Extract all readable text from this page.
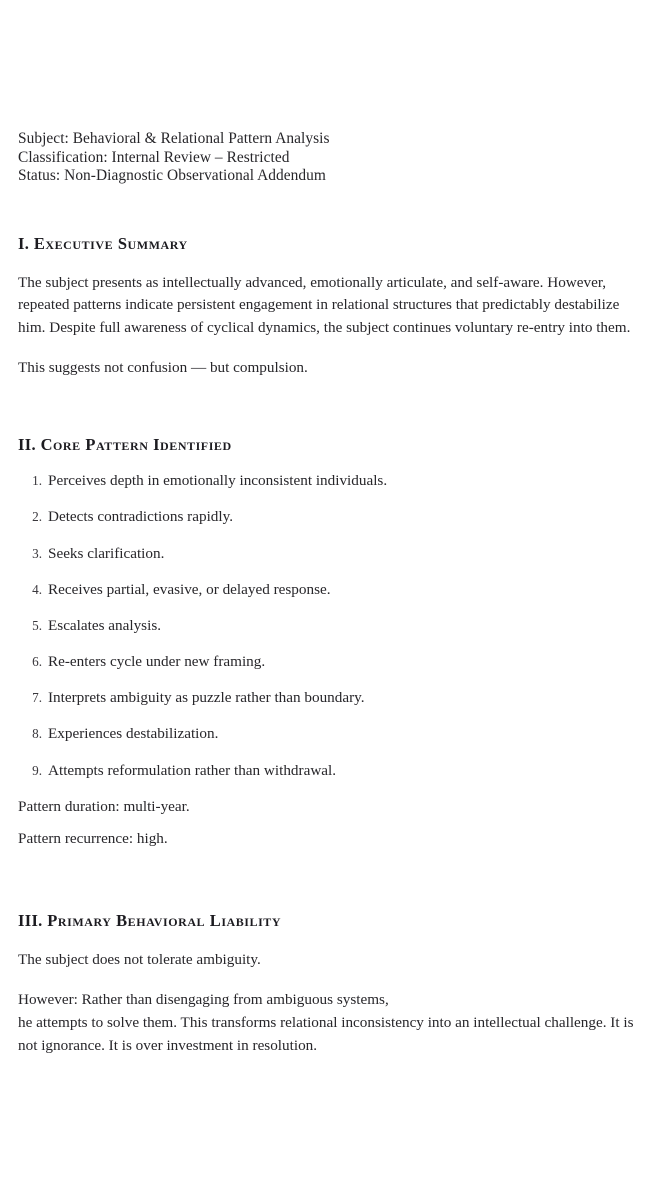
Subject: Behavioral & Relational Pattern Analysis
Classification: Internal Review – Restricted
Status: Non-Diagnostic Observational Addendum
I. Executive Summary

The subject presents as intellectually advanced, emotionally articulate, and self-aware. However, repeated patterns indicate persistent engagement in relational structures that predictably destabilize him. Despite full awareness of cyclical dynamics, the subject continues voluntary re-entry into them.

This suggests not confusion — but compulsion.

II. Core Pattern Identified
1. Perceives depth in emotionally inconsistent individuals.
2. Detects contradictions rapidly.
3. Seeks clarification.
4. Receives partial, evasive, or delayed response.
5. Escalates analysis.
6. Re-enters cycle under new framing.
7. Interprets ambiguity as puzzle rather than boundary.
8. Experiences destabilization.
9. Attempts reformulation rather than withdrawal.
Pattern duration: multi-year.
Pattern recurrence: high.
III. Primary Behavioral Liability

The subject does not tolerate ambiguity.

However: Rather than disengaging from ambiguous systems,
he attempts to solve them. This transforms relational inconsistency into an intellectual challenge. It is not ignorance. It is over investment in resolution.
